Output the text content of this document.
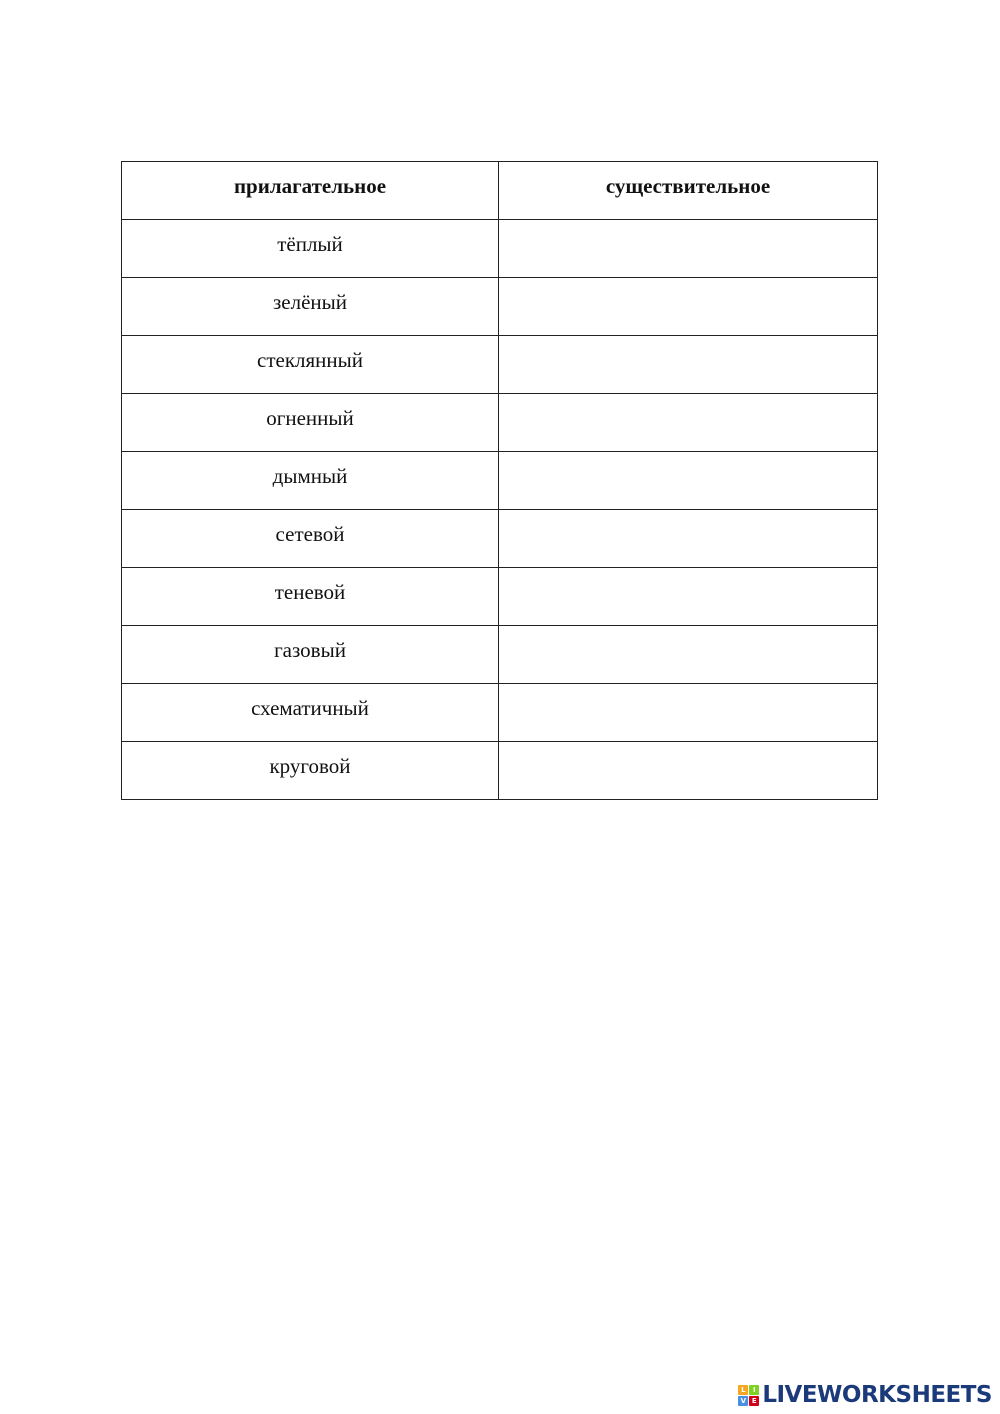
прилагательное	существительное
тёплый	
зелёный	
стеклянный	
огненный	
дымный	
сетевой	
теневой	
газовый	
схематичный	
круговой	
L	I
V E LIVEWORKSHEETS
